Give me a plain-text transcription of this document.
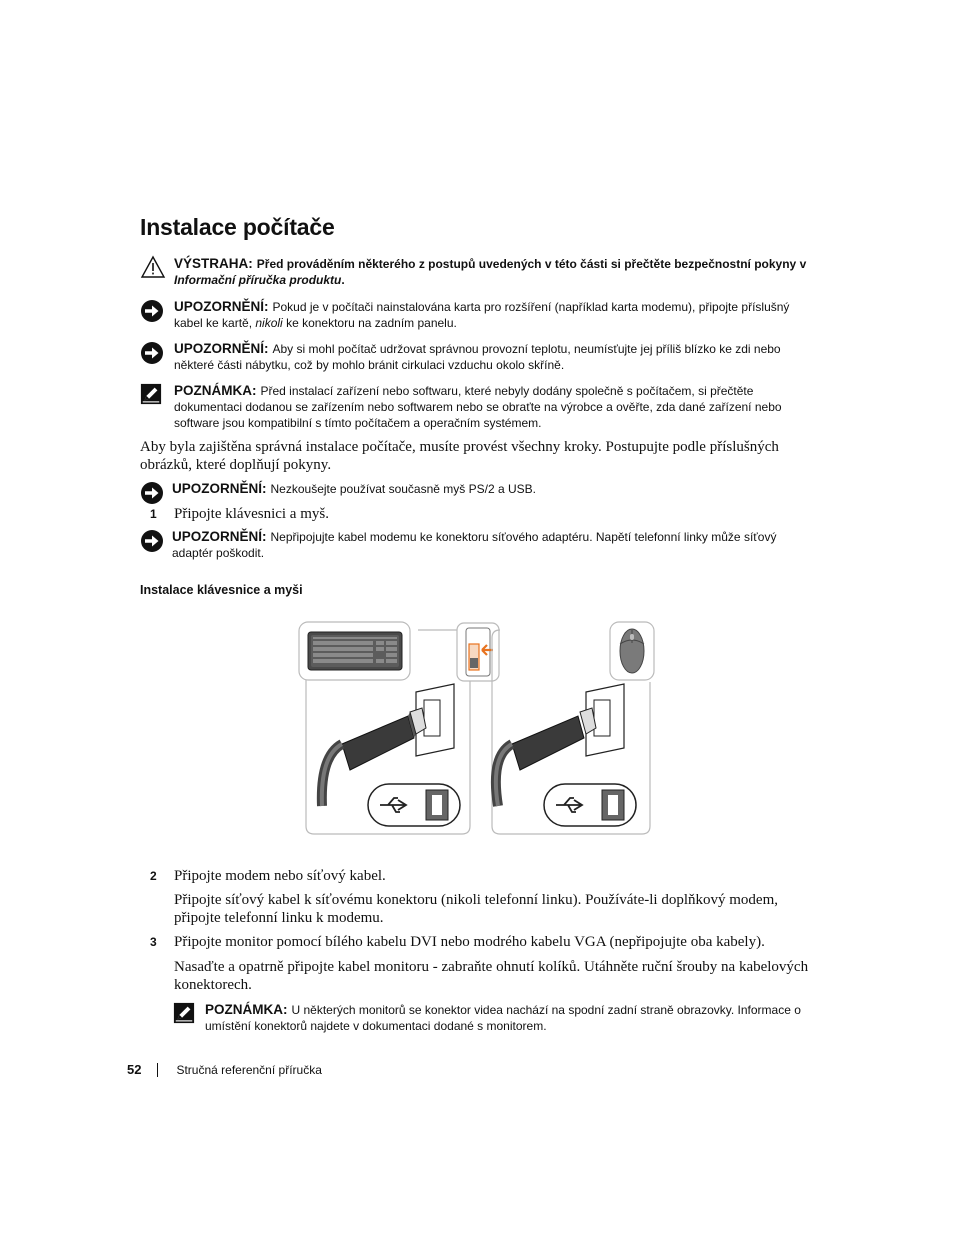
Instalace počítače
VÝSTRAHA: Před prováděním některého z postupů uvedených v této části si přečtěte bezpečnostní pokyny v Informační příručka produktu.
UPOZORNĚNÍ: Pokud je v počítači nainstalována karta pro rozšíření (například karta modemu), připojte příslušný kabel ke kartě, nikoli ke konektoru na zadním panelu.
UPOZORNĚNÍ: Aby si mohl počítač udržovat správnou provozní teplotu, neumísťujte jej příliš blízko ke zdi nebo některé části nábytku, což by mohlo bránit cirkulaci vzduchu okolo skříně.
POZNÁMKA: Před instalací zařízení nebo softwaru, které nebyly dodány společně s počítačem, si přečtěte dokumentaci dodanou se zařízením nebo softwarem nebo se obraťte na výrobce a ověřte, zda dané zařízení nebo software jsou kompatibilní s tímto počítačem a operačním systémem.

Aby byla zajištěna správná instalace počítače, musíte provést všechny kroky. Postupujte podle příslušných obrázků, které doplňují pokyny.

UPOZORNĚNÍ: Nezkoušejte používat současně myš PS/2 a USB.
1 Připojte klávesnici a myš.
UPOZORNĚNÍ: Nepřipojujte kabel modemu ke konektoru síťového adaptéru. Napětí telefonní linky může síťový adaptér poškodit.
Instalace klávesnice a myši
2 Připojte modem nebo síťový kabel.
Připojte síťový kabel k síťovému konektoru (nikoli telefonní linku). Používáte-li doplňkový modem, připojte telefonní linku k modemu.
3 Připojte monitor pomocí bílého kabelu DVI nebo modrého kabelu VGA (nepřipojujte oba kabely).
Nasaďte a opatrně připojte kabel monitoru - zabraňte ohnutí kolíků. Utáhněte ruční šrouby na kabelových konektorech.
POZNÁMKA: U některých monitorů se konektor videa nachází na spodní zadní straně obrazovky. Informace o umístění konektorů najdete v dokumentaci dodané s monitorem.
52	Stručná referenční příručka
